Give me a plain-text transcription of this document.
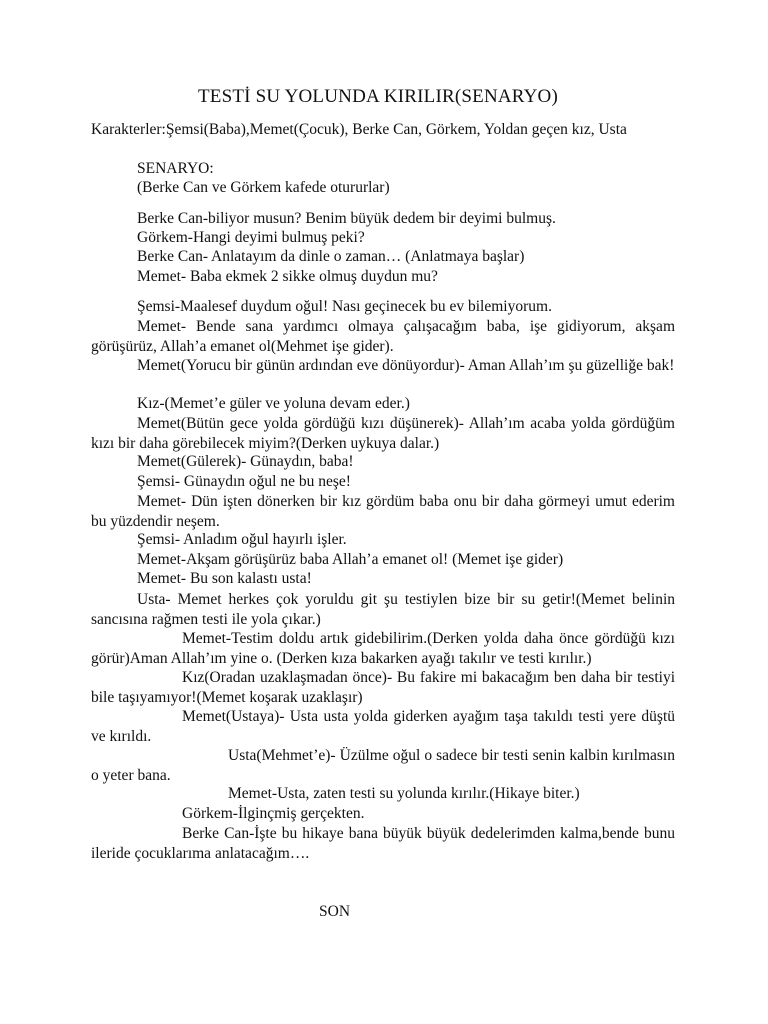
TESTİ SU YOLUNDA KIRILIR(SENARYO)
Karakterler:Şemsi(Baba),Memet(Çocuk), Berke Can, Görkem, Yoldan geçen kız, Usta
SENARYO:
(Berke Can ve Görkem kafede otururlar)
Berke Can-biliyor musun? Benim büyük dedem bir deyimi bulmuş.
Görkem-Hangi deyimi bulmuş peki?
Berke Can- Anlatayım da dinle o zaman… (Anlatmaya başlar)
Memet- Baba ekmek 2 sikke olmuş duydun mu?
Şemsi-Maalesef duydum oğul! Nası geçinecek bu ev bilemiyorum.
Memet- Bende sana yardımcı olmaya çalışacağım baba, işe gidiyorum, akşam görüşürüz, Allah’a emanet ol(Mehmet işe gider).
Memet(Yorucu bir günün ardından eve dönüyordur)- Aman Allah’ım şu güzelliğe bak!
Kız-(Memet’e güler ve yoluna devam eder.)
Memet(Bütün gece yolda gördüğü kızı düşünerek)- Allah’ım acaba yolda gördüğüm kızı bir daha görebilecek miyim?(Derken uykuya dalar.)
Memet(Gülerek)- Günaydın, baba!
Şemsi- Günaydın oğul ne bu neşe!
Memet- Dün işten dönerken bir kız gördüm baba onu bir daha görmeyi umut ederim bu yüzdendir neşem.
Şemsi- Anladım oğul hayırlı işler.
Memet-Akşam görüşürüz baba Allah’a emanet ol! (Memet işe gider)
Memet- Bu son kalastı usta!
Usta- Memet herkes çok yoruldu git şu testiylen bize bir su getir!(Memet belinin sancısına rağmen testi ile yola çıkar.)
Memet-Testim doldu artık gidebilirim.(Derken yolda daha önce gördüğü kızı görür)Aman Allah’ım yine o. (Derken kıza bakarken ayağı takılır ve testi kırılır.)
Kız(Oradan uzaklaşmadan önce)- Bu fakire mi bakacağım ben daha bir testiyi bile taşıyamıyor!(Memet koşarak uzaklaşır)
Memet(Ustaya)- Usta usta yolda giderken ayağım taşa takıldı testi yere düştü ve kırıldı.
Usta(Mehmet’e)- Üzülme oğul o sadece bir testi senin kalbin kırılmasın o yeter bana.
Memet-Usta, zaten testi su yolunda kırılır.(Hikaye biter.)
Görkem-İlginçmiş gerçekten.
Berke Can-İşte bu hikaye bana büyük büyük dedelerimden kalma,bende bunu ileride çocuklarıma anlatacağım….
SON
